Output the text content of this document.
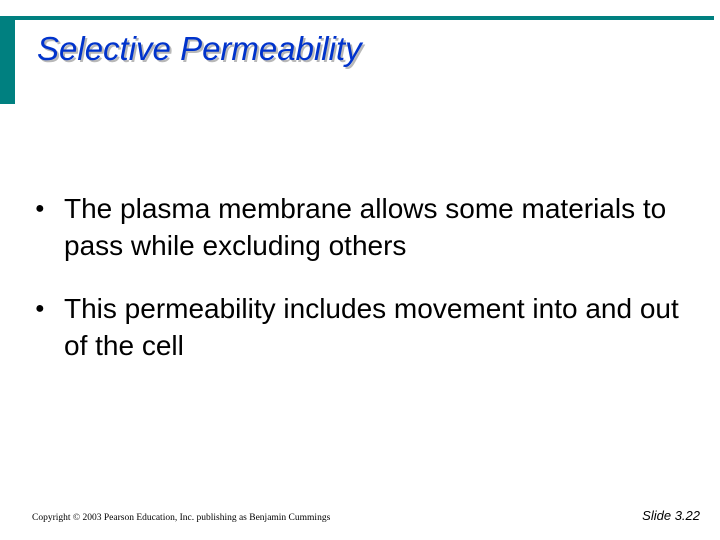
Selective Permeability
● The plasma membrane allows some materials to pass while excluding others
● This permeability includes movement into and out of the cell
Copyright © 2003 Pearson Education, Inc. publishing as Benjamin Cummings	Slide 3.22
